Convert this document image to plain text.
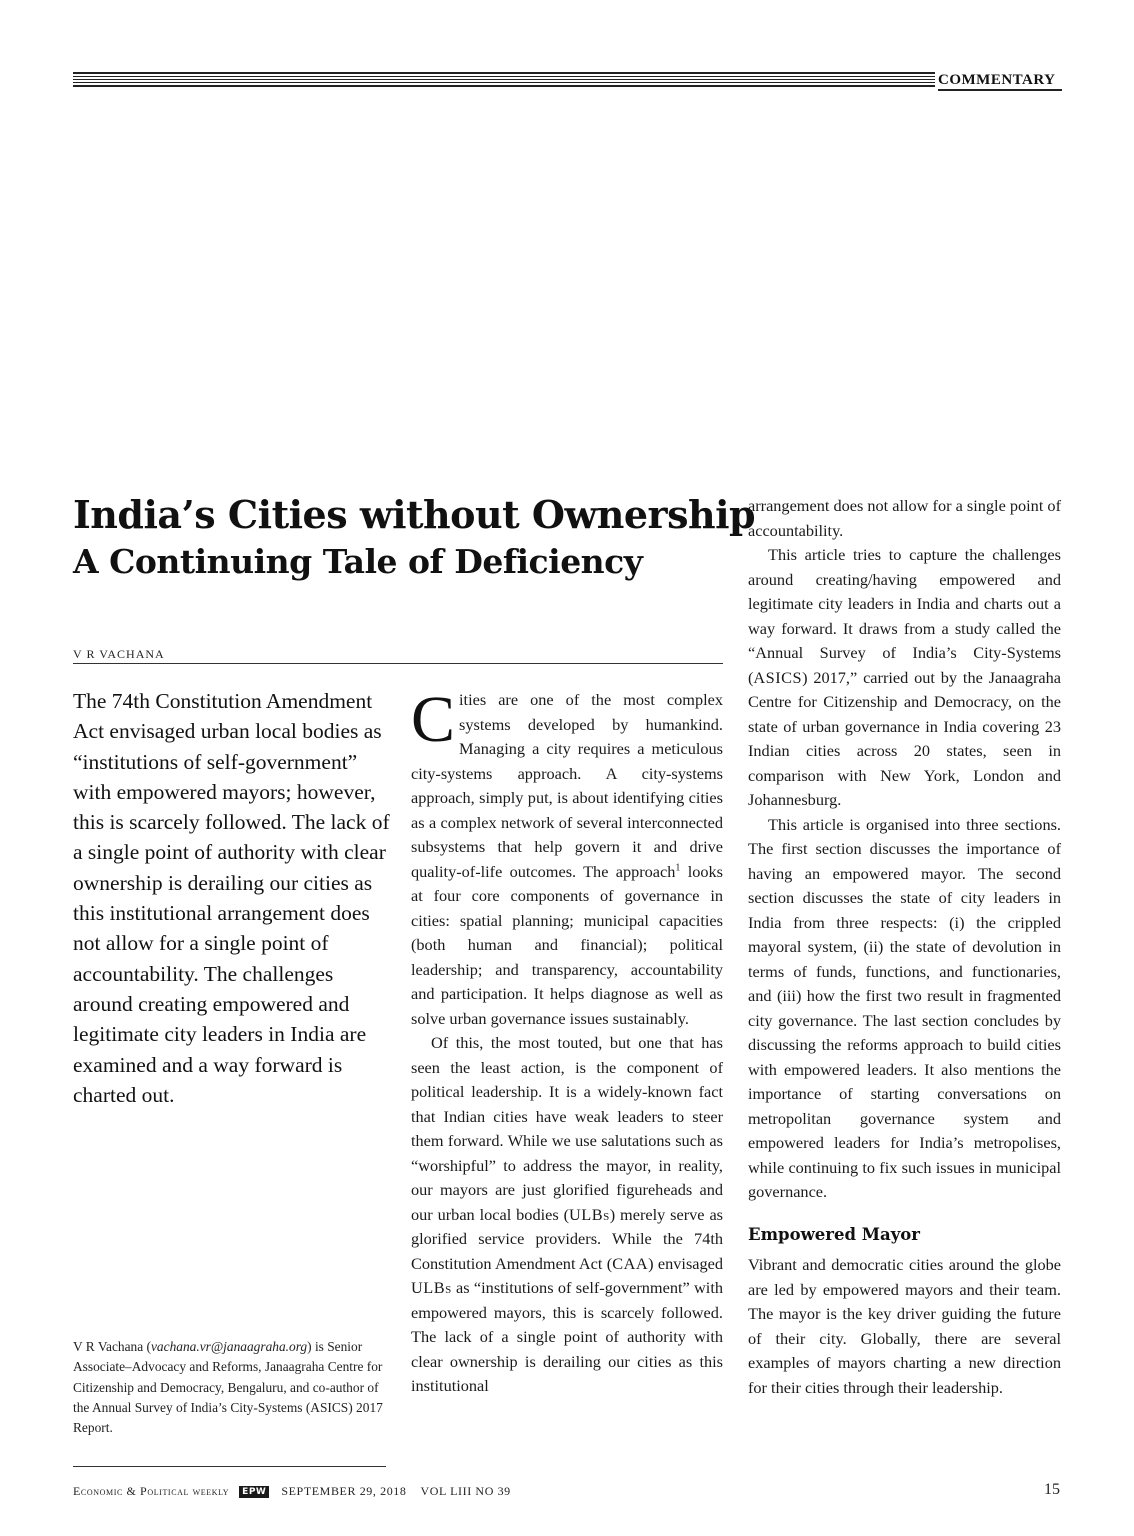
COMMENTARY
India’s Cities without Ownership
A Continuing Tale of Deficiency
V R VACHANA

The 74th Constitution Amendment Act envisaged urban local bodies as “institutions of self-government” with empowered mayors; however, this is scarcely followed. The lack of a single point of authority with clear ownership is derailing our cities as this institutional arrangement does not allow for a single point of accountability. The challenges around creating empowered and legitimate city leaders in India are examined and a way forward is charted out.

V R Vachana (vachana.vr@janaagraha.org) is Senior Associate–Advocacy and Reforms, Janaagraha Centre for Citizenship and Democracy, Bengaluru, and co-author of the Annual Survey of India’s City-Systems (ASICS) 2017 Report.

Cities are one of the most complex systems developed by humankind. Managing a city requires a meticulous city-systems approach. A city-systems approach, simply put, is about identifying cities as a complex network of several interconnected subsystems that help govern it and drive quality-of-life outcomes. The approach$^1$ looks at four core components of governance in cities: spatial planning; municipal capacities (both human and financial); political leadership; and transparency, accountability and participation. It helps diagnose as well as solve urban governance issues sustainably.

Of this, the most touted, but one that has seen the least action, is the component of political leadership. It is a widely-known fact that Indian cities have weak leaders to steer them forward. While we use salutations such as “worshipful” to address the mayor, in reality, our mayors are just glorified figureheads and our urban local bodies (ULBs) merely serve as glorified service providers. While the 74th Constitution Amendment Act (CAA) envisaged ULBs as “institutions of self-government” with empowered mayors, this is scarcely followed. The lack of a single point of authority with clear ownership is derailing our cities as this institutional

arrangement does not allow for a single point of accountability.

This article tries to capture the challenges around creating/having empowered and legitimate city leaders in India and charts out a way forward. It draws from a study called the “Annual Survey of India’s City-Systems (ASICS) 2017,” carried out by the Janaagraha Centre for Citizenship and Democracy, on the state of urban governance in India covering 23 Indian cities across 20 states, seen in comparison with New York, London and Johannesburg.

This article is organised into three sections. The first section discusses the importance of having an empowered mayor. The second section discusses the state of city leaders in India from three respects: (i) the crippled mayoral system, (ii) the state of devolution in terms of funds, functions, and functionaries, and (iii) how the first two result in fragmented city governance. The last section concludes by discussing the reforms approach to build cities with empowered leaders. It also mentions the importance of starting conversations on metropolitan governance system and empowered leaders for India’s metropolises, while continuing to fix such issues in municipal governance.

Empowered Mayor

Vibrant and democratic cities around the globe are led by empowered mayors and their team. The mayor is the key driver guiding the future of their city. Globally, there are several examples of mayors charting a new direction for their cities through their leadership.

Economic & Political weekly	EPW SEPTEMBER 29, 2018 VOL LIII NO 39	15
